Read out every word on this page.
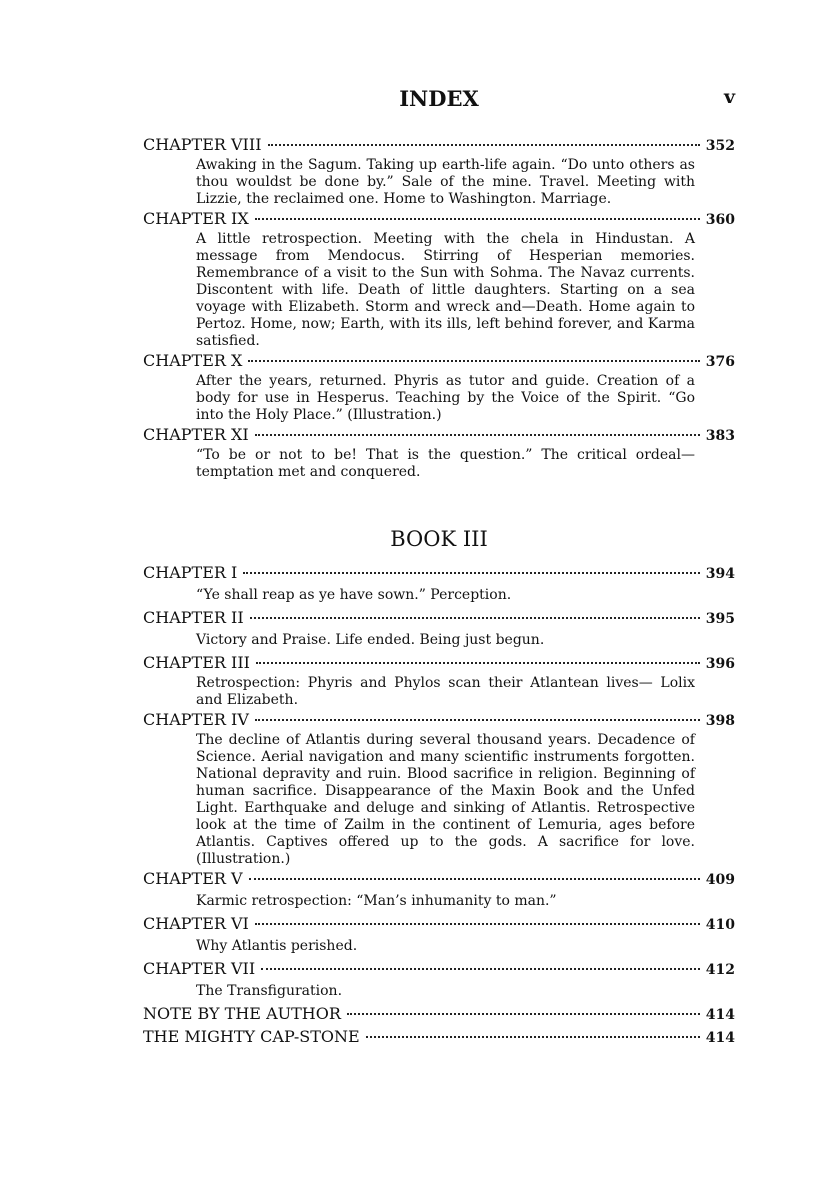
INDEX	v
CHAPTER VIII	352
Awaking in the Sagum. Taking up earth-life again. “Do unto others as thou wouldst be done by.” Sale of the mine. Travel. Meeting with Lizzie, the reclaimed one. Home to Washington. Marriage.
CHAPTER IX	360
A little retrospection. Meeting with the chela in Hindustan. A message from Mendocus. Stirring of Hesperian memories. Remembrance of a visit to the Sun with Sohma. The Navaz currents. Discontent with life. Death of little daughters. Starting on a sea voyage with Elizabeth. Storm and wreck and—Death. Home again to Pertoz. Home, now; Earth, with its ills, left behind forever, and Karma satisfied.
CHAPTER X	376
After the years, returned. Phyris as tutor and guide. Creation of a body for use in Hesperus. Teaching by the Voice of the Spirit. “Go into the Holy Place.” (Illustration.)
CHAPTER XI	383
“To be or not to be! That is the question.” The critical ordeal—temptation met and conquered.
BOOK III
CHAPTER I	394
“Ye shall reap as ye have sown.” Perception.
CHAPTER II	395
Victory and Praise. Life ended. Being just begun.
CHAPTER III	396
Retrospection: Phyris and Phylos scan their Atlantean lives— Lolix and Elizabeth.
CHAPTER IV	398
The decline of Atlantis during several thousand years. Decadence of Science. Aerial navigation and many scientific instruments forgotten. National depravity and ruin. Blood sacrifice in religion. Beginning of human sacrifice. Disappearance of the Maxin Book and the Unfed Light. Earthquake and deluge and sinking of Atlantis. Retrospective look at the time of Zailm in the continent of Lemuria, ages before Atlantis. Captives offered up to the gods. A sacrifice for love. (Illustration.)
CHAPTER V	409
Karmic retrospection: “Man’s inhumanity to man.”
CHAPTER VI	410
Why Atlantis perished.
CHAPTER VII	412
The Transfiguration.
NOTE BY THE AUTHOR	414
THE MIGHTY CAP-STONE	414
